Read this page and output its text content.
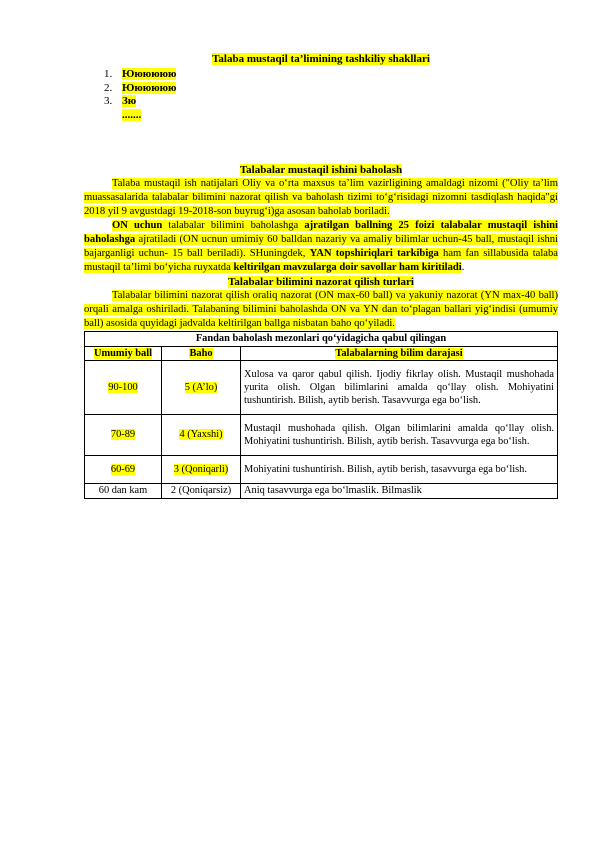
Talaba mustaqil ta’limining tashkiliy shakllari

1. Юююююю
2. Юююююю
3. Зю
.......

Talabalar mustaqil ishini baholash

Talaba mustaqil ish natijalari Oliy va o‘rta maxsus ta’lim vazirligining amaldagi nizomi ("Oliy ta’lim muassasalarida talabalar bilimini nazorat qilish va baholash tizimi to‘g‘risidagi nizomni tasdiqlash haqida"gi 2018 yil 9 avgustdagi 19-2018-son buyrug‘i)ga asosan baholab boriladi.

ON uchun talabalar bilimini baholashga ajratilgan ballning 25 foizi talabalar mustaqil ishini baholashga ajratiladi (ON ucnun umimiy 60 balldan nazariy va amaliy bilimlar uchun-45 ball, mustaqil ishni bajarganligi uchun- 15 ball beriladi). SHuningdek, YAN topshiriqlari tarkibiga ham fan sillabusida talaba mustaqil ta’limi bo‘yicha ruyxatda keltirilgan mavzularga doir savollar ham kiritiladi.

Talabalar bilimini nazorat qilish turlari

Talabalar bilimini nazorat qilish oraliq nazorat (ON max-60 ball) va yakuniy nazorat (YN max-40 ball) orqali amalga oshiriladi. Talabaning bilimini baholashda ON va YN dan to‘plagan ballari yig‘indisi (umumiy ball) asosida quyidagi jadvalda keltirilgan ballga nisbatan baho qo‘yiladi.

Fandan baholash mezonlari qo‘yidagicha qabul qilingan		
Umumiy ball	Baho	Talabalarning bilim darajasi
90-100	5 (A’lo)	Xulosa va qaror qabul qilish. Ijodiy fikrlay olish. Mustaqil mushohada yurita olish. Olgan bilimlarini amalda qo‘llay olish. Mohiyatini tushuntirish. Bilish, aytib berish. Tasavvurga ega bo‘lish.
70-89	4 (Yaxshi)	Mustaqil mushohada qilish. Olgan bilimlarini amalda qo‘llay olish. Mohiyatini tushuntirish. Bilish, aytib berish. Tasavvurga ega bo‘lish.
60-69	3 (Qoniqarli)	Mohiyatini tushuntirish. Bilish, aytib berish, tasavvurga ega bo‘lish.
60 dan kam	2 (Qoniqarsiz)	Aniq tasavvurga ega bo‘lmaslik. Bilmaslik
